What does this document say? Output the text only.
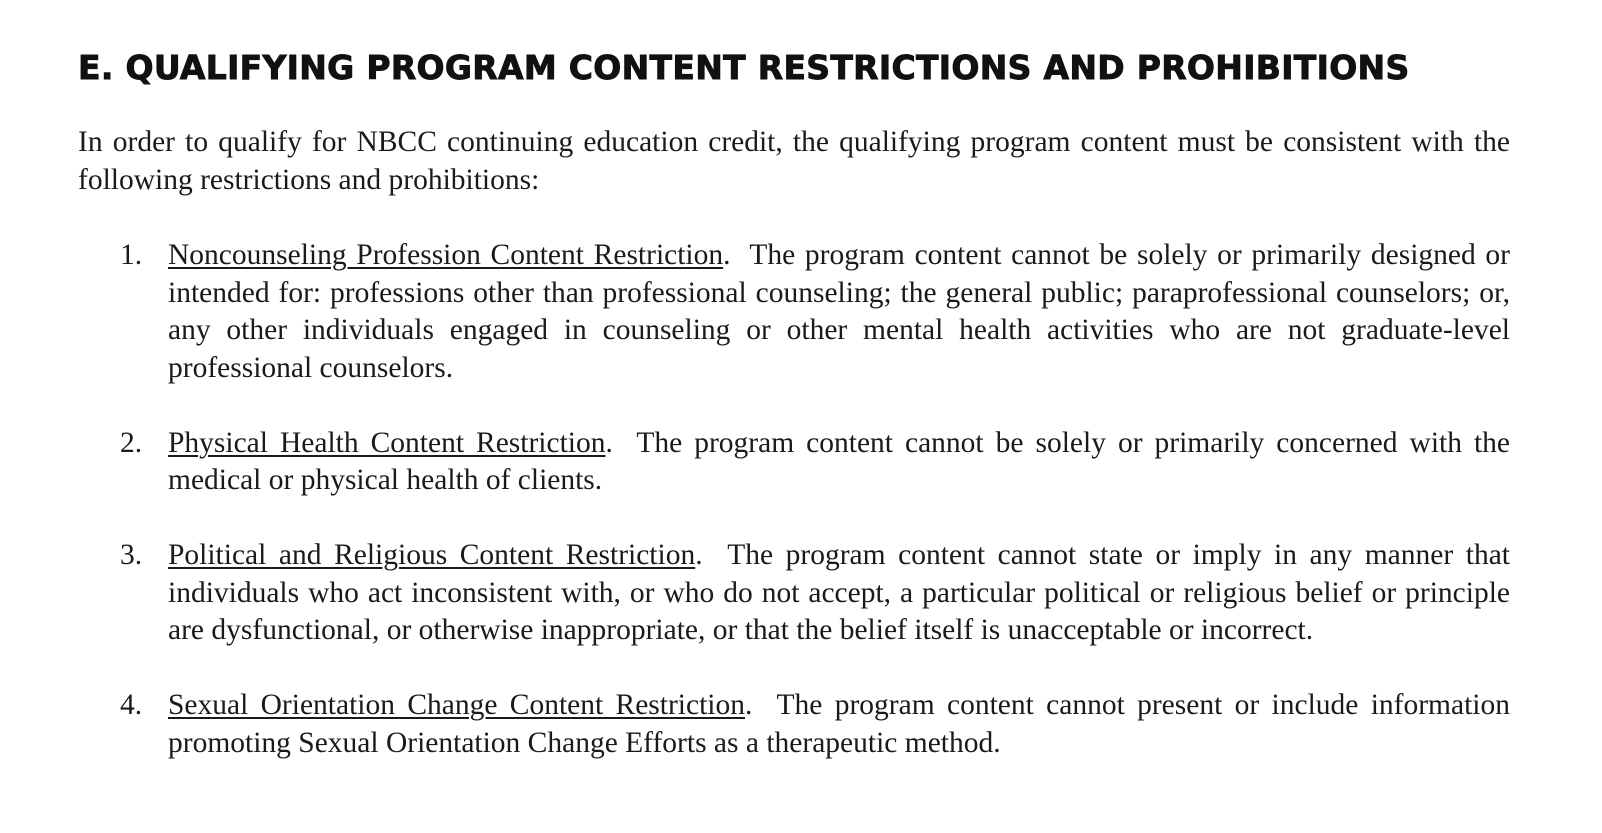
E. QUALIFYING PROGRAM CONTENT RESTRICTIONS AND PROHIBITIONS

In order to qualify for NBCC continuing education credit, the qualifying program content must be consistent with the following restrictions and prohibitions:

1. Noncounseling Profession Content Restriction.  The program content cannot be solely or primarily designed or intended for: professions other than professional counseling; the general public; paraprofessional counselors; or, any other individuals engaged in counseling or other mental health activities who are not graduate-level professional counselors.
2. Physical Health Content Restriction.  The program content cannot be solely or primarily concerned with the medical or physical health of clients.
3. Political and Religious Content Restriction.  The program content cannot state or imply in any manner that individuals who act inconsistent with, or who do not accept, a particular political or religious belief or principle are dysfunctional, or otherwise inappropriate, or that the belief itself is unacceptable or incorrect.
4. Sexual Orientation Change Content Restriction.  The program content cannot present or include information promoting Sexual Orientation Change Efforts as a therapeutic method.
